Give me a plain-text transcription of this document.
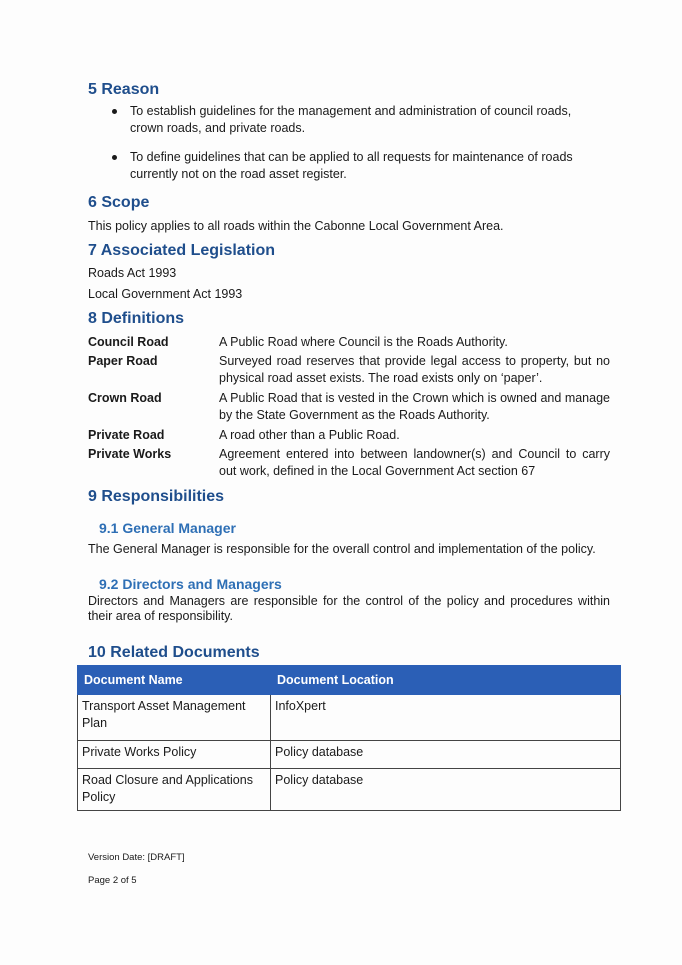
5 Reason
To establish guidelines for the management and administration of council roads, crown roads, and private roads.
To define guidelines that can be applied to all requests for maintenance of roads currently not on the road asset register.
6 Scope
This policy applies to all roads within the Cabonne Local Government Area.
7 Associated Legislation
Roads Act 1993
Local Government Act 1993
8 Definitions
Council Road	A Public Road where Council is the Roads Authority.
Paper Road	Surveyed road reserves that provide legal access to property, but no physical road asset exists. The road exists only on ‘paper’.
Crown Road	A Public Road that is vested in the Crown which is owned and manage by the State Government as the Roads Authority.
Private Road	A road other than a Public Road.
Private Works	Agreement entered into between landowner(s) and Council to carry out work, defined in the Local Government Act section 67
9 Responsibilities
9.1 General Manager
The General Manager is responsible for the overall control and implementation of the policy.
9.2 Directors and Managers
Directors and Managers are responsible for the control of the policy and procedures within their area of responsibility.
10 Related Documents
Document Name	Document Location
Transport Asset Management Plan	InfoXpert
Private Works Policy	Policy database
Road Closure and Applications Policy	Policy database
Version Date: [DRAFT]
Page 2 of 5
